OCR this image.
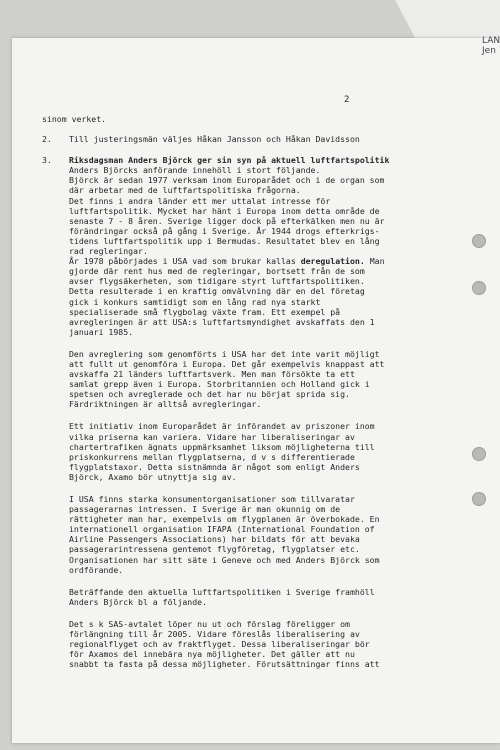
LAN
Jen
2

sinom verket.

2.	Till justeringsmän väljes Håkan Jansson och Håkan Davidsson
3.	Riksdagsman Anders Björck ger sin syn på aktuell luftfartspolitik
Anders Björcks anförande innehöll i stort följande.
Björck är sedan 1977 verksam inom Europarådet och i de organ som
där arbetar med de luftfartspolitiska frågorna.
Det finns i andra länder ett mer uttalat intresse för
luftfartspolitik. Mycket har hänt i Europa inom detta område de
senaste 7 - 8 åren. Sverige ligger dock på efterkälken men nu är
förändringar också på gång i Sverige. År 1944 drogs efterkrigs-
tidens luftfartspolitik upp i Bermudas. Resultatet blev en lång
rad regleringar.

År 1978 påbörjades i USA vad som brukar kallas deregulation. Man
gjorde där rent hus med de regleringar, bortsett från de som
avser flygsäkerheten, som tidigare styrt luftfartspolitiken.
Detta resulterade i en kraftig omvälvning där en del företag
gick i konkurs samtidigt som en lång rad nya starkt
specialiserade små flygbolag växte fram. Ett exempel på
avregleringen är att USA:s luftfartsmyndighet avskaffats den 1
januari 1985.

Den avreglering som genomförts i USA har det inte varit möjligt
att fullt ut genomföra i Europa. Det går exempelvis knappast att
avskaffa 21 länders luftfartsverk. Men man försökte ta ett
samlat grepp även i Europa. Storbritannien och Holland gick i
spetsen och avreglerade och det har nu börjat sprida sig.
Färdriktningen är alltså avregleringar.

Ett initiativ inom Europarådet är införandet av priszoner inom
vilka priserna kan variera. Vidare har liberaliseringar av
chartertrafiken ägnats uppmärksamhet liksom möjligheterna till
priskonkurrens mellan flygplatserna, d v s differentierade
flygplatstaxor. Detta sistnämnda är något som enligt Anders
Björck, Axamo bör utnyttja sig av.

I USA finns starka konsumentorganisationer som tillvaratar
passagerarnas intressen. I Sverige är man okunnig om de
rättigheter man har, exempelvis om flygplanen är överbokade. En
internationell organisation IFAPA (International Foundation of
Airline Passengers Associations) har bildats för att bevaka
passagerarintressena gentemot flygföretag, flygplatser etc.
Organisationen har sitt säte i Geneve och med Anders Björck som
ordförande.

Beträffande den aktuella luftfartspolitiken i Sverige framhöll
Anders Björck bl a följande.

Det s k SAS-avtalet löper nu ut och förslag föreligger om
förlängning till år 2005. Vidare föreslås liberalisering av
regionalflyget och av fraktflyget. Dessa liberaliseringar bör
för Axamos del innebära nya möjligheter. Det gäller att nu
snabbt ta fasta på dessa möjligheter. Förutsättningar finns att
